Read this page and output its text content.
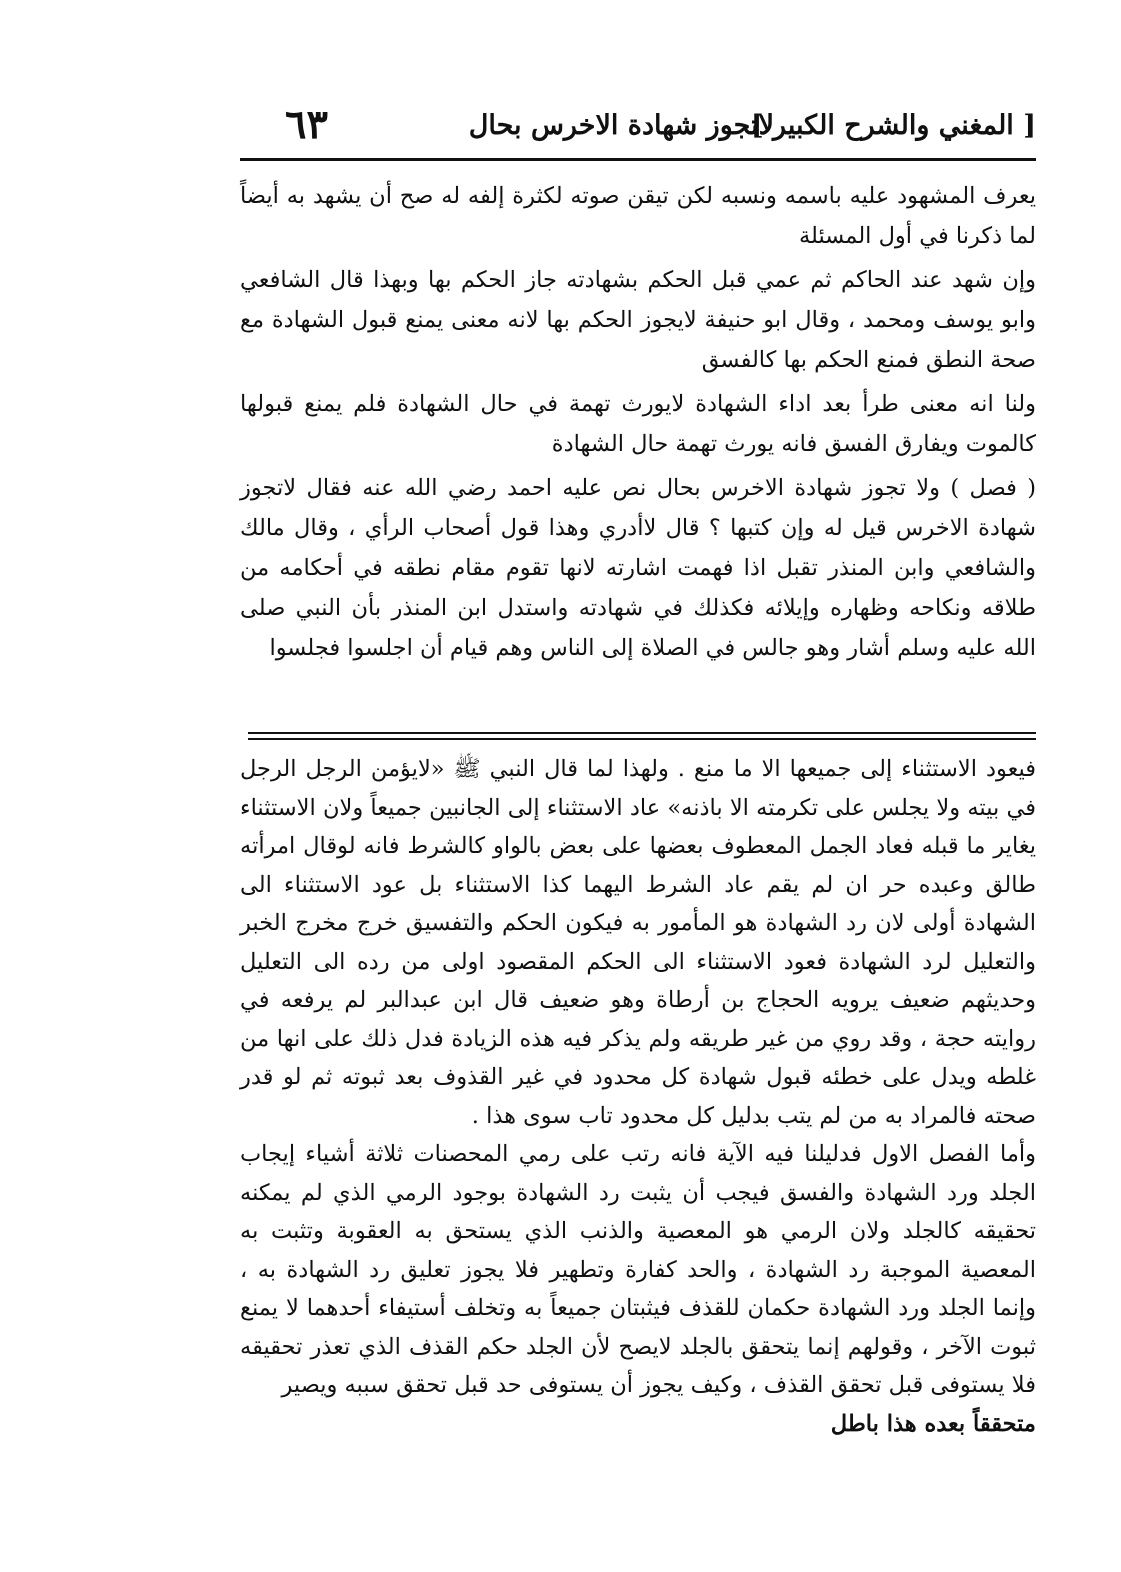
[ المغني والشرح الكبير ]
لاتجوز شهادة الاخرس بحال
٦٣

يعرف المشهود عليه باسمه ونسبه لكن تيقن صوته لكثرة إلفه له صح أن يشهد به أيضاً لما ذكرنا في أول المسئلة

وإن شهد عند الحاكم ثم عمي قبل الحكم بشهادته جاز الحكم بها وبهذا قال الشافعي وابو يوسف ومحمد ، وقال ابو حنيفة لايجوز الحكم بها لانه معنى يمنع قبول الشهادة مع صحة النطق فمنع الحكم بها كالفسق

ولنا انه معنى طرأ بعد اداء الشهادة لايورث تهمة في حال الشهادة فلم يمنع قبولها كالموت ويفارق الفسق فانه يورث تهمة حال الشهادة

( فصل ) ولا تجوز شهادة الاخرس بحال نص عليه احمد رضي الله عنه فقال لاتجوز شهادة الاخرس قيل له وإن كتبها ؟ قال لاأدري وهذا قول أصحاب الرأي ، وقال مالك والشافعي وابن المنذر تقبل اذا فهمت اشارته لانها تقوم مقام نطقه في أحكامه من طلاقه ونكاحه وظهاره وإيلائه فكذلك في شهادته واستدل ابن المنذر بأن النبي صلى الله عليه وسلم أشار وهو جالس في الصلاة إلى الناس وهم قيام أن اجلسوا فجلسوا

فيعود الاستثناء إلى جميعها الا ما منع . ولهذا لما قال النبي ﷺ «لايؤمن الرجل الرجل في بيته ولا يجلس على تكرمته الا باذنه» عاد الاستثناء إلى الجانبين جميعاً ولان الاستثناء يغاير ما قبله فعاد الجمل المعطوف بعضها على بعض بالواو كالشرط فانه لوقال امرأته طالق وعبده حر ان لم يقم عاد الشرط اليهما كذا الاستثناء بل عود الاستثناء الى الشهادة أولى لان رد الشهادة هو المأمور به فيكون الحكم والتفسيق خرج مخرج الخبر والتعليل لرد الشهادة فعود الاستثناء الى الحكم المقصود اولى من رده الى التعليل وحديثهم ضعيف يرويه الحجاج بن أرطاة وهو ضعيف قال ابن عبدالبر لم يرفعه في روايته حجة ، وقد روي من غير طريقه ولم يذكر فيه هذه الزيادة فدل ذلك على انها من غلطه ويدل على خطئه قبول شهادة كل محدود في غير القذوف بعد ثبوته ثم لو قدر صحته فالمراد به من لم يتب بدليل كل محدود تاب سوى هذا .

وأما الفصل الاول فدليلنا فيه الآية فانه رتب على رمي المحصنات ثلاثة أشياء إيجاب الجلد ورد الشهادة والفسق فيجب أن يثبت رد الشهادة بوجود الرمي الذي لم يمكنه تحقيقه كالجلد ولان الرمي هو المعصية والذنب الذي يستحق به العقوبة وتثبت به المعصية الموجبة رد الشهادة ، والحد كفارة وتطهير فلا يجوز تعليق رد الشهادة به ، وإنما الجلد ورد الشهادة حكمان للقذف فيثبتان جميعاً به وتخلف أستيفاء أحدهما لا يمنع ثبوت الآخر ، وقولهم إنما يتحقق بالجلد لايصح لأن الجلد حكم القذف الذي تعذر تحقيقه فلا يستوفى قبل تحقق القذف ، وكيف يجوز أن يستوفى حد قبل تحقق سببه ويصير

متحققاً بعده هذا باطل
